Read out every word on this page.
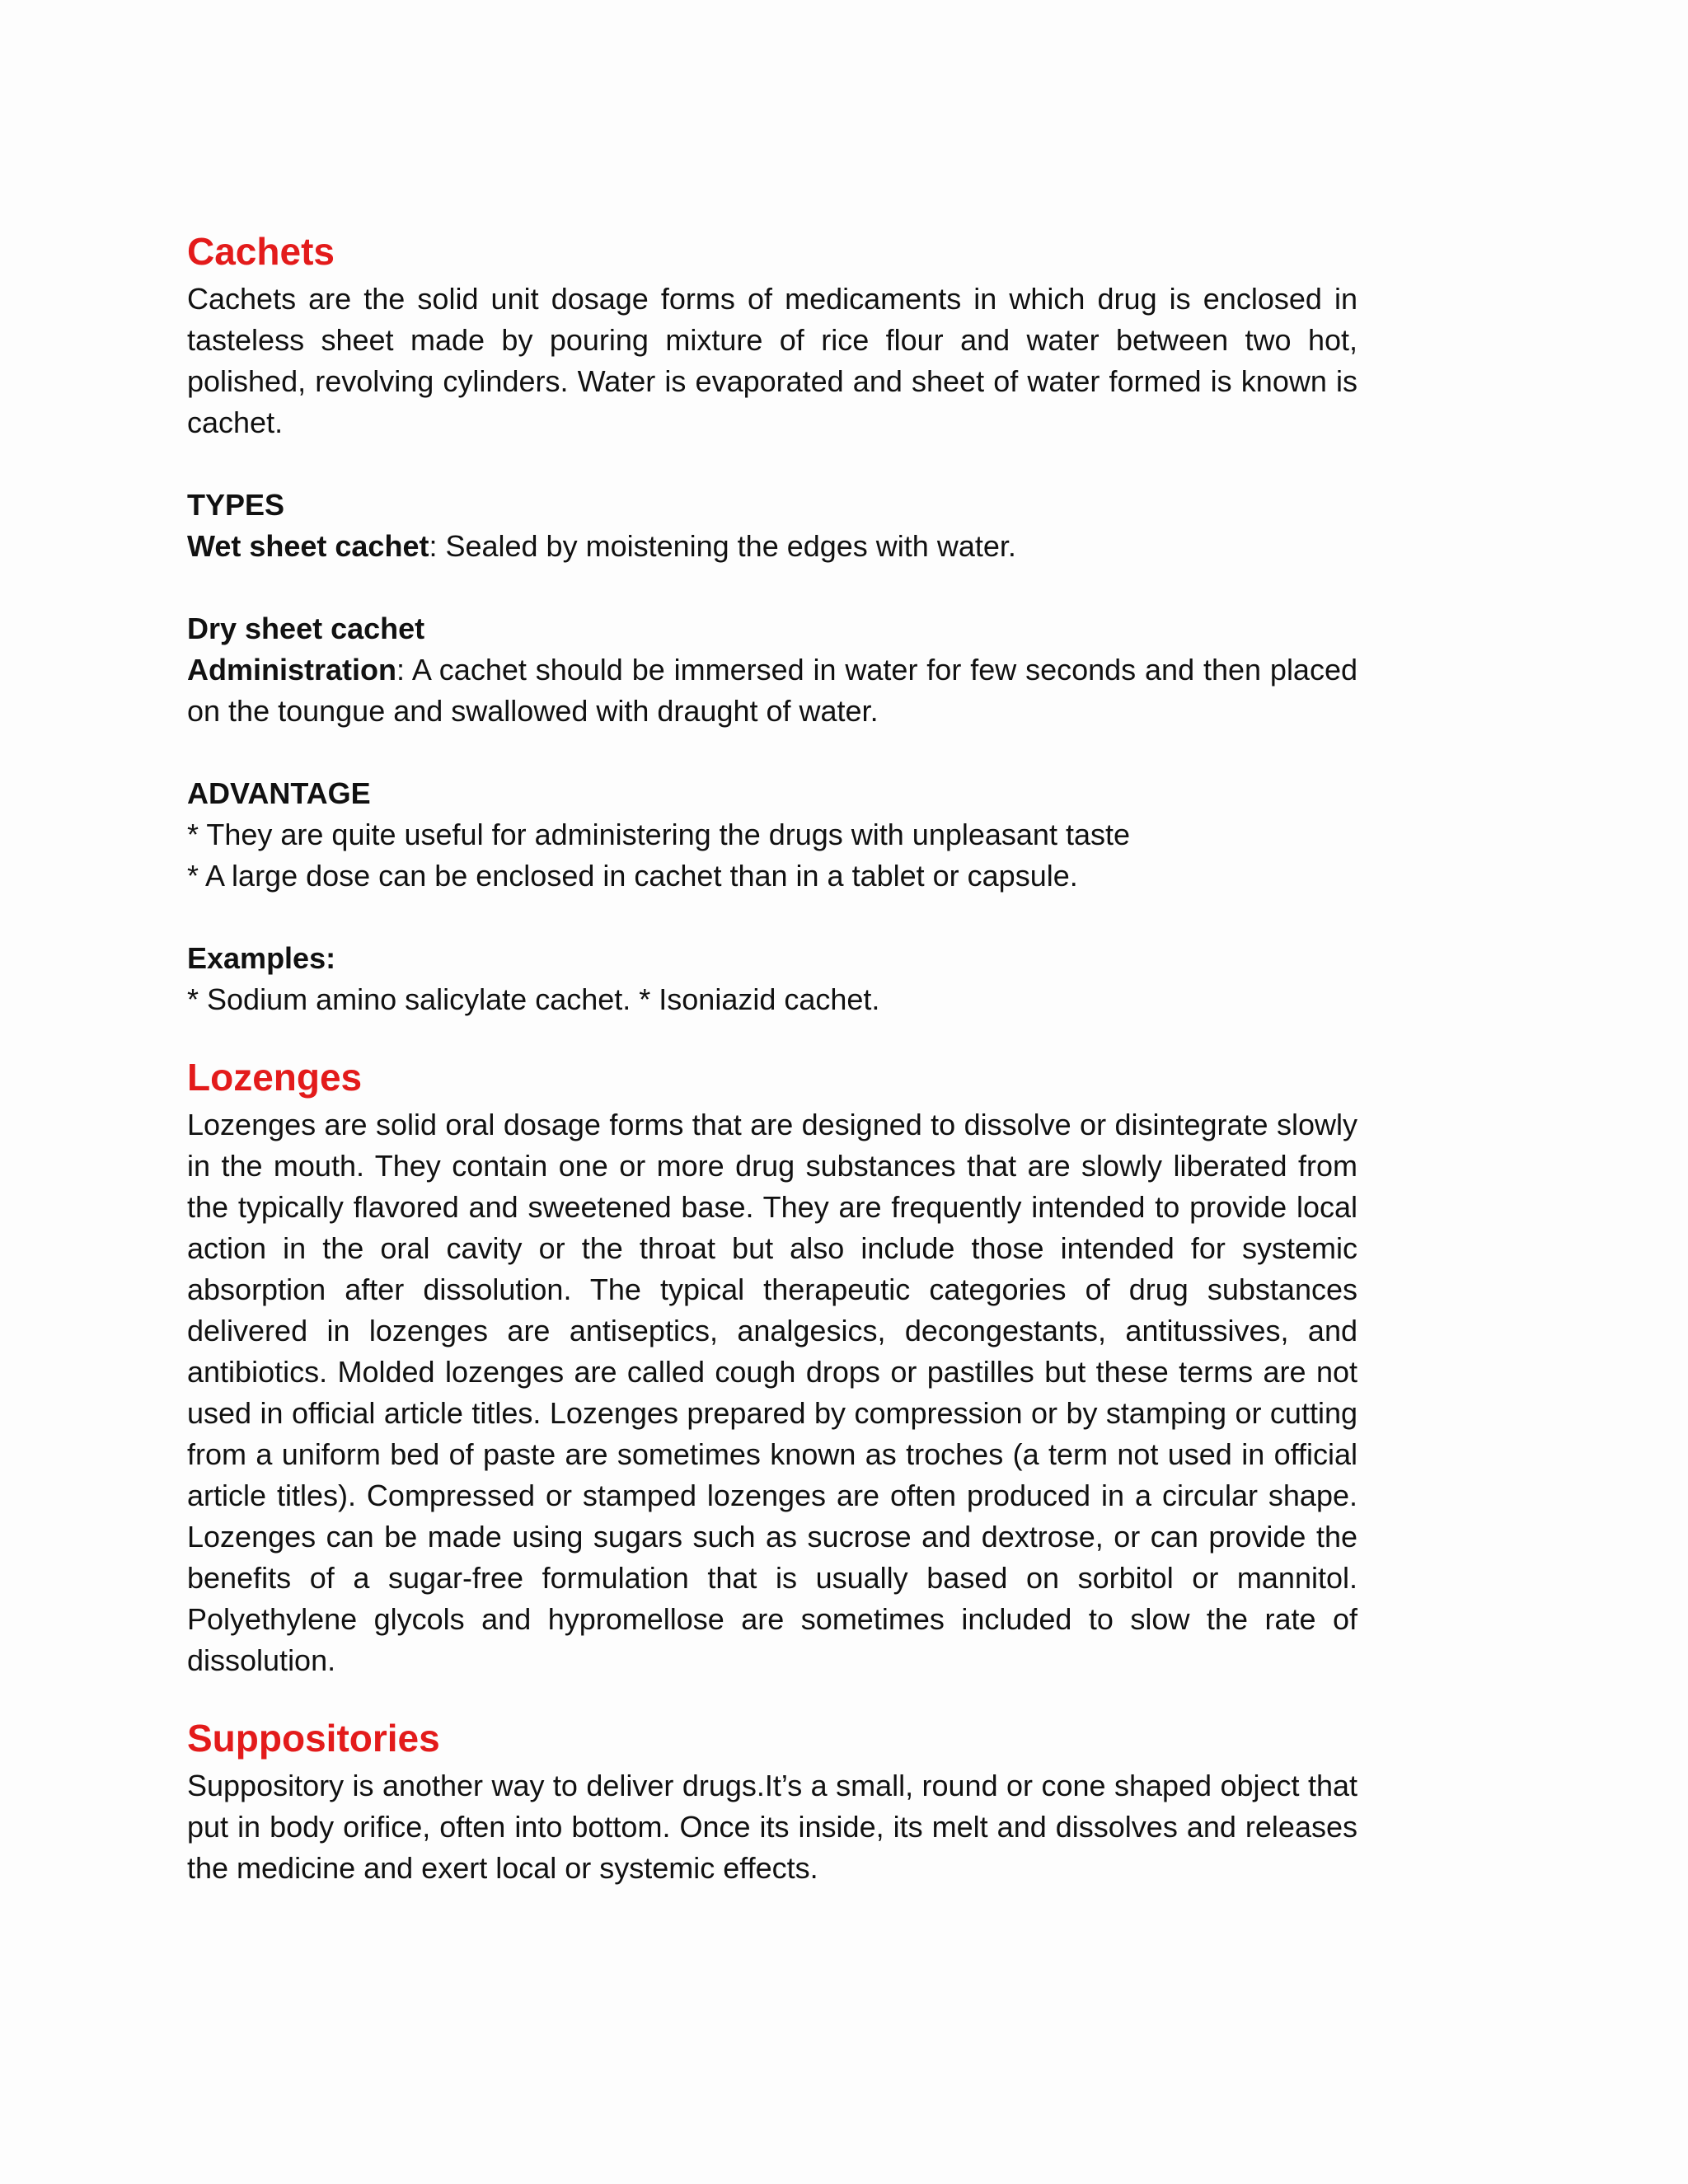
Cachets

Cachets are the solid unit dosage forms of medicaments in which drug is enclosed in tasteless sheet made by pouring mixture of rice flour and water between two hot, polished, revolving cylinders. Water is evaporated and sheet of water formed is known is cachet.

TYPES

Wet sheet cachet: Sealed by moistening the edges with water.

Dry sheet cachet

Administration: A cachet should be immersed in water for few seconds and then placed on the toungue and swallowed with draught of water.

ADVANTAGE

* They are quite useful for administering the drugs with unpleasant taste

* A large dose can be enclosed in cachet than in a tablet or capsule.

Examples:

* Sodium amino salicylate cachet. * Isoniazid cachet.

Lozenges

Lozenges are solid oral dosage forms that are designed to dissolve or disintegrate slowly in the mouth. They contain one or more drug substances that are slowly liberated from the typically flavored and sweetened base. They are frequently intended to provide local action in the oral cavity or the throat but also include those intended for systemic absorption after dissolution. The typical therapeutic categories of drug substances delivered in lozenges are antiseptics, analgesics, decongestants, antitussives, and antibiotics. Molded lozenges are called cough drops or pastilles but these terms are not used in official article titles. Lozenges prepared by compression or by stamping or cutting from a uniform bed of paste are sometimes known as troches (a term not used in official article titles). Compressed or stamped lozenges are often produced in a circular shape. Lozenges can be made using sugars such as sucrose and dextrose, or can provide the benefits of a sugar-free formulation that is usually based on sorbitol or mannitol. Polyethylene glycols and hypromellose are sometimes included to slow the rate of dissolution.

Suppositories

Suppository is another way to deliver drugs.It’s a small, round or cone shaped object that put in body orifice, often into bottom. Once its inside, its melt and dissolves and releases the medicine and exert local or systemic effects.
